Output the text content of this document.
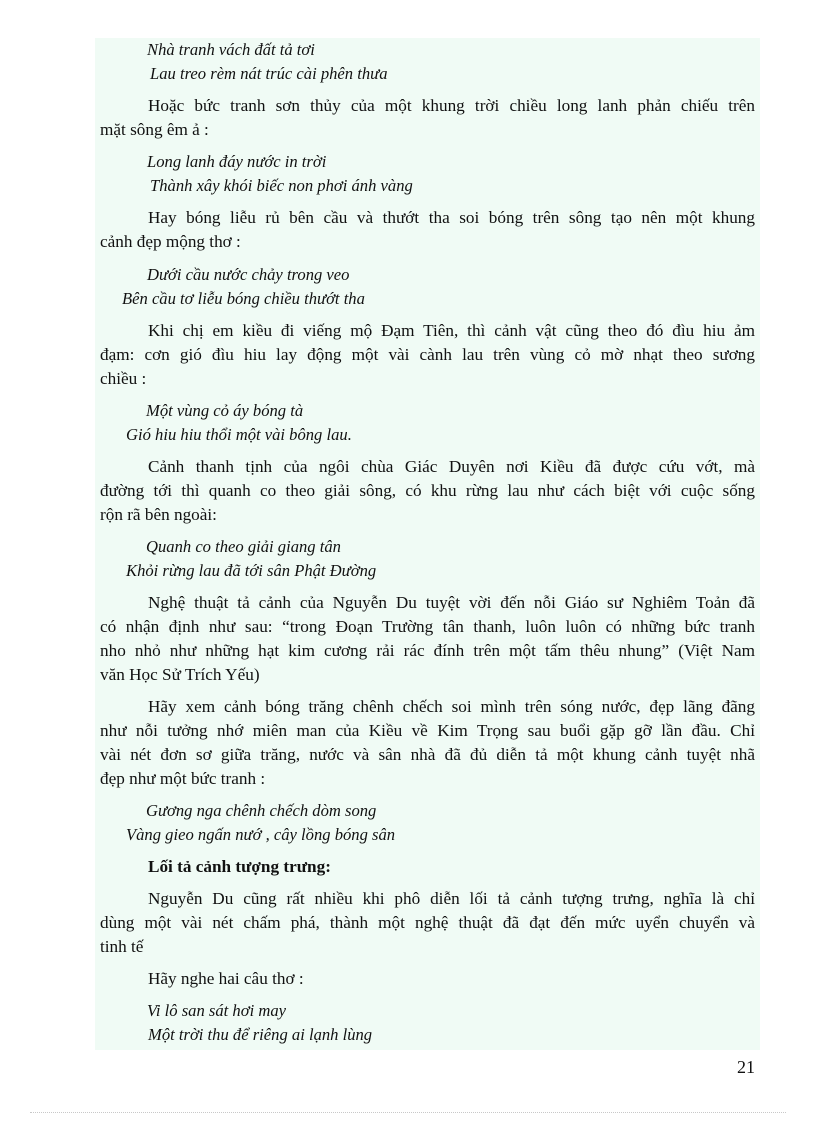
Nhà tranh vách đất tả tơi
Lau treo rèm nát trúc cài phên thưa
Hoặc bức tranh sơn thủy của một khung trời chiều long lanh phản chiếu trên
mặt sông êm ả :
Long lanh đáy nước in trời
Thành xây khói biếc non phơi ánh vàng
Hay bóng liễu rủ bên cầu và thướt tha soi bóng trên sông tạo nên một khung
cảnh đẹp mộng thơ :
Dưới cầu nước chảy trong veo
Bên cầu tơ liễu bóng chiều thướt tha
Khi chị em kiều đi viếng mộ Đạm Tiên, thì cảnh vật cũng theo đó đìu hiu ảm
đạm: cơn gió đìu hiu lay động một vài cành lau trên vùng cỏ mờ nhạt theo sương
chiều :
Một vùng cỏ áy bóng tà
Gió hiu hiu thổi một vài bông lau.
Cảnh thanh tịnh của ngôi chùa Giác Duyên nơi Kiều đã được cứu vớt, mà
đường tới thì quanh co theo giải sông, có khu rừng lau như cách biệt với cuộc sống
rộn rã bên ngoài:
Quanh co theo giải giang tân
Khỏi rừng lau đã tới sân Phật Đường
Nghệ thuật tả cảnh của Nguyễn Du tuyệt vời đến nỗi Giáo sư Nghiêm Toản đã
có nhận định như sau: “trong Đoạn Trường tân thanh, luôn luôn có những bức tranh
nho nhỏ như những hạt kim cương rải rác đính trên một tấm thêu nhung” (Việt Nam
văn Học Sử Trích Yếu)
Hãy xem cảnh bóng trăng chênh chếch soi mình trên sóng nước, đẹp lãng đãng
như nỗi tưởng nhớ miên man của Kiều về Kim Trọng sau buổi gặp gỡ lần đầu. Chỉ
vài nét đơn sơ giữa trăng, nước và sân nhà đã đủ diễn tả một khung cảnh tuyệt nhã
đẹp như một bức tranh :
Gương nga chênh chếch dòm song
Vàng gieo ngấn nướ , cây lồng bóng sân
Lối tả cảnh tượng trưng:
Nguyễn Du cũng rất nhiều khi phô diễn lối tả cảnh tượng trưng, nghĩa là chỉ
dùng một vài nét chấm phá, thành một nghệ thuật đã đạt đến mức uyển chuyển và
tinh tế
Hãy nghe hai câu thơ :
Vi lô san sát hơi may
Một trời thu để riêng ai lạnh lùng
21
